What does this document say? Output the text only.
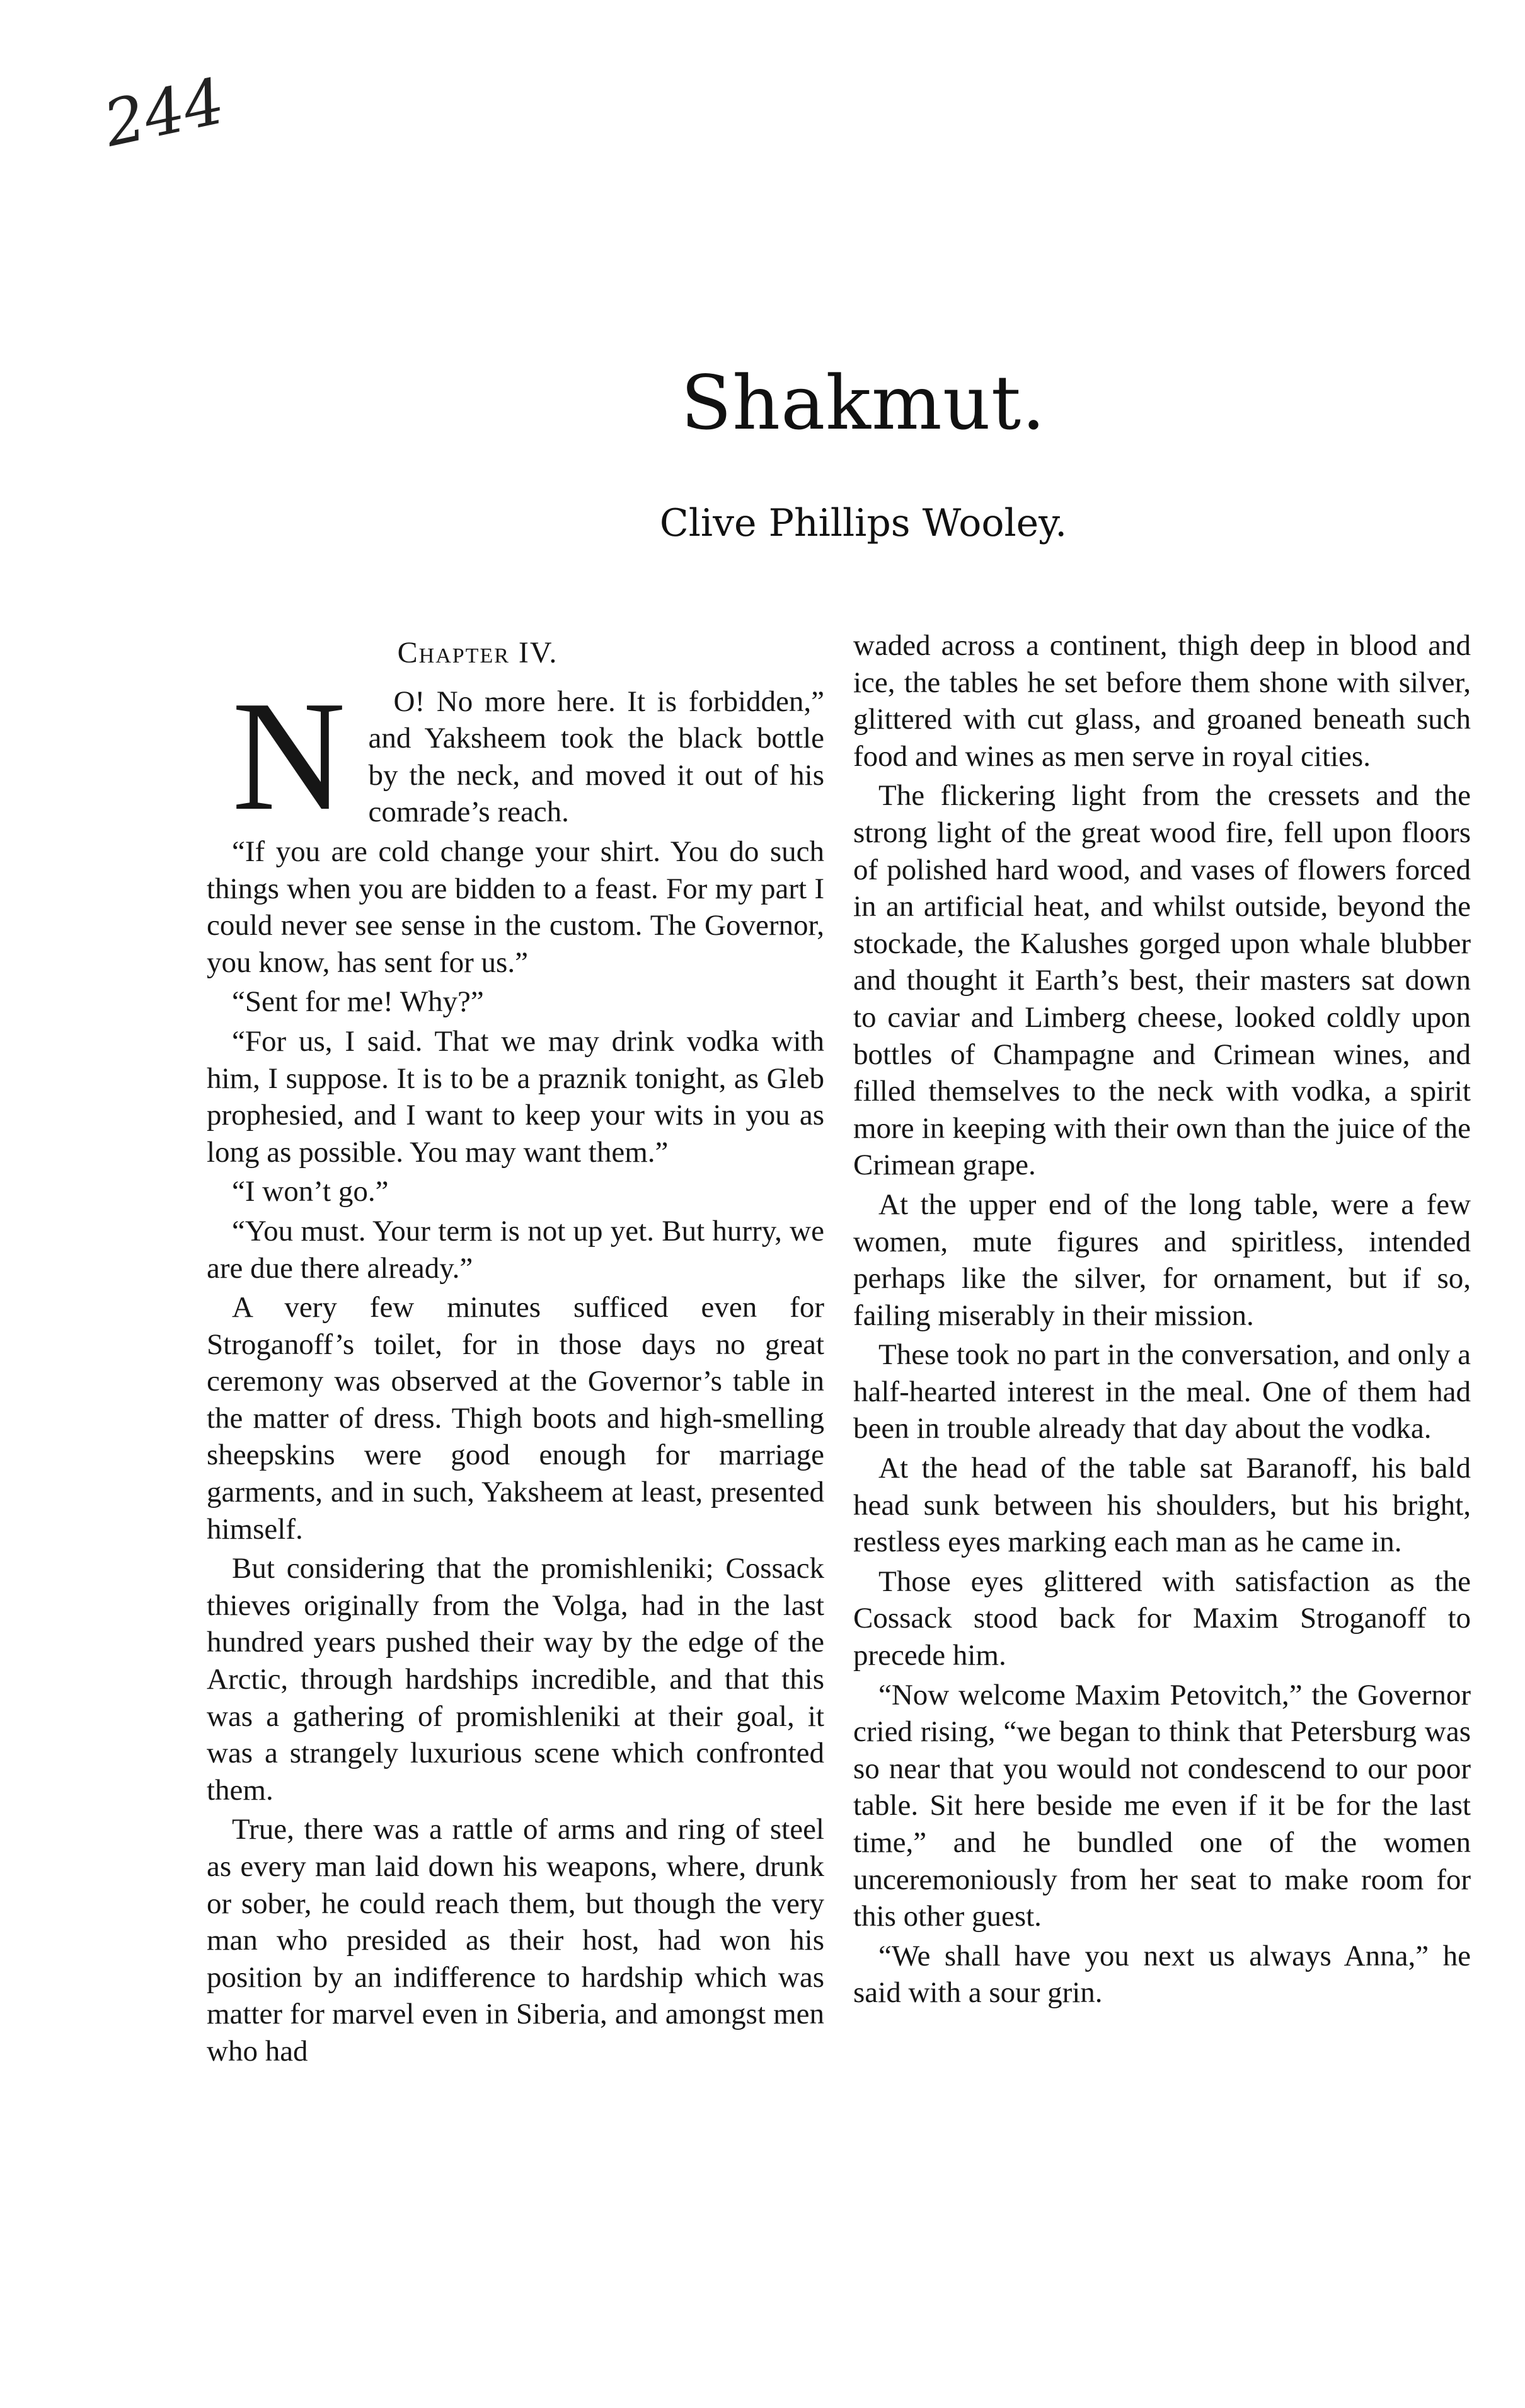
244
Shakmut.
Clive Phillips Wooley.
Chapter IV.

N	O! No more here. It is forbidden,” and Yaksheem took the black bottle by the neck, and moved it out of his comrade’s reach.

“If you are cold change your shirt. You do such things when you are bidden to a feast. For my part I could never see sense in the custom. The Governor, you know, has sent for us.”

“Sent for me! Why?”

“For us, I said. That we may drink vodka with him, I suppose. It is to be a praznik tonight, as Gleb prophesied, and I want to keep your wits in you as long as possible. You may want them.”

“I won’t go.”

“You must. Your term is not up yet. But hurry, we are due there already.”

A very few minutes sufficed even for Stroganoff’s toilet, for in those days no great ceremony was observed at the Governor’s table in the matter of dress. Thigh boots and high-smelling sheepskins were good enough for marriage garments, and in such, Yaksheem at least, presented himself.

But considering that the promishleniki; Cossack thieves originally from the Volga, had in the last hundred years pushed their way by the edge of the Arctic, through hardships incredible, and that this was a gathering of promishleniki at their goal, it was a strangely luxurious scene which confronted them.

True, there was a rattle of arms and ring of steel as every man laid down his weapons, where, drunk or sober, he could reach them, but though the very man who presided as their host, had won his position by an indifference to hardship which was matter for marvel even in Siberia, and amongst men who had

waded across a continent, thigh deep in blood and ice, the tables he set before them shone with silver, glittered with cut glass, and groaned beneath such food and wines as men serve in royal cities.

The flickering light from the cressets and the strong light of the great wood fire, fell upon floors of polished hard wood, and vases of flowers forced in an artificial heat, and whilst outside, beyond the stockade, the Kalushes gorged upon whale blubber and thought it Earth’s best, their masters sat down to caviar and Limberg cheese, looked coldly upon bottles of Champagne and Crimean wines, and filled themselves to the neck with vodka, a spirit more in keeping with their own than the juice of the Crimean grape.

At the upper end of the long table, were a few women, mute figures and spiritless, intended perhaps like the silver, for ornament, but if so, failing miserably in their mission.

These took no part in the conversation, and only a half-hearted interest in the meal. One of them had been in trouble already that day about the vodka.

At the head of the table sat Baranoff, his bald head sunk between his shoulders, but his bright, restless eyes marking each man as he came in.

Those eyes glittered with satisfaction as the Cossack stood back for Maxim Stroganoff to precede him.

“Now welcome Maxim Petovitch,” the Governor cried rising, “we began to think that Petersburg was so near that you would not condescend to our poor table. Sit here beside me even if it be for the last time,” and he bundled one of the women unceremoniously from her seat to make room for this other guest.

“We shall have you next us always Anna,” he said with a sour grin.
